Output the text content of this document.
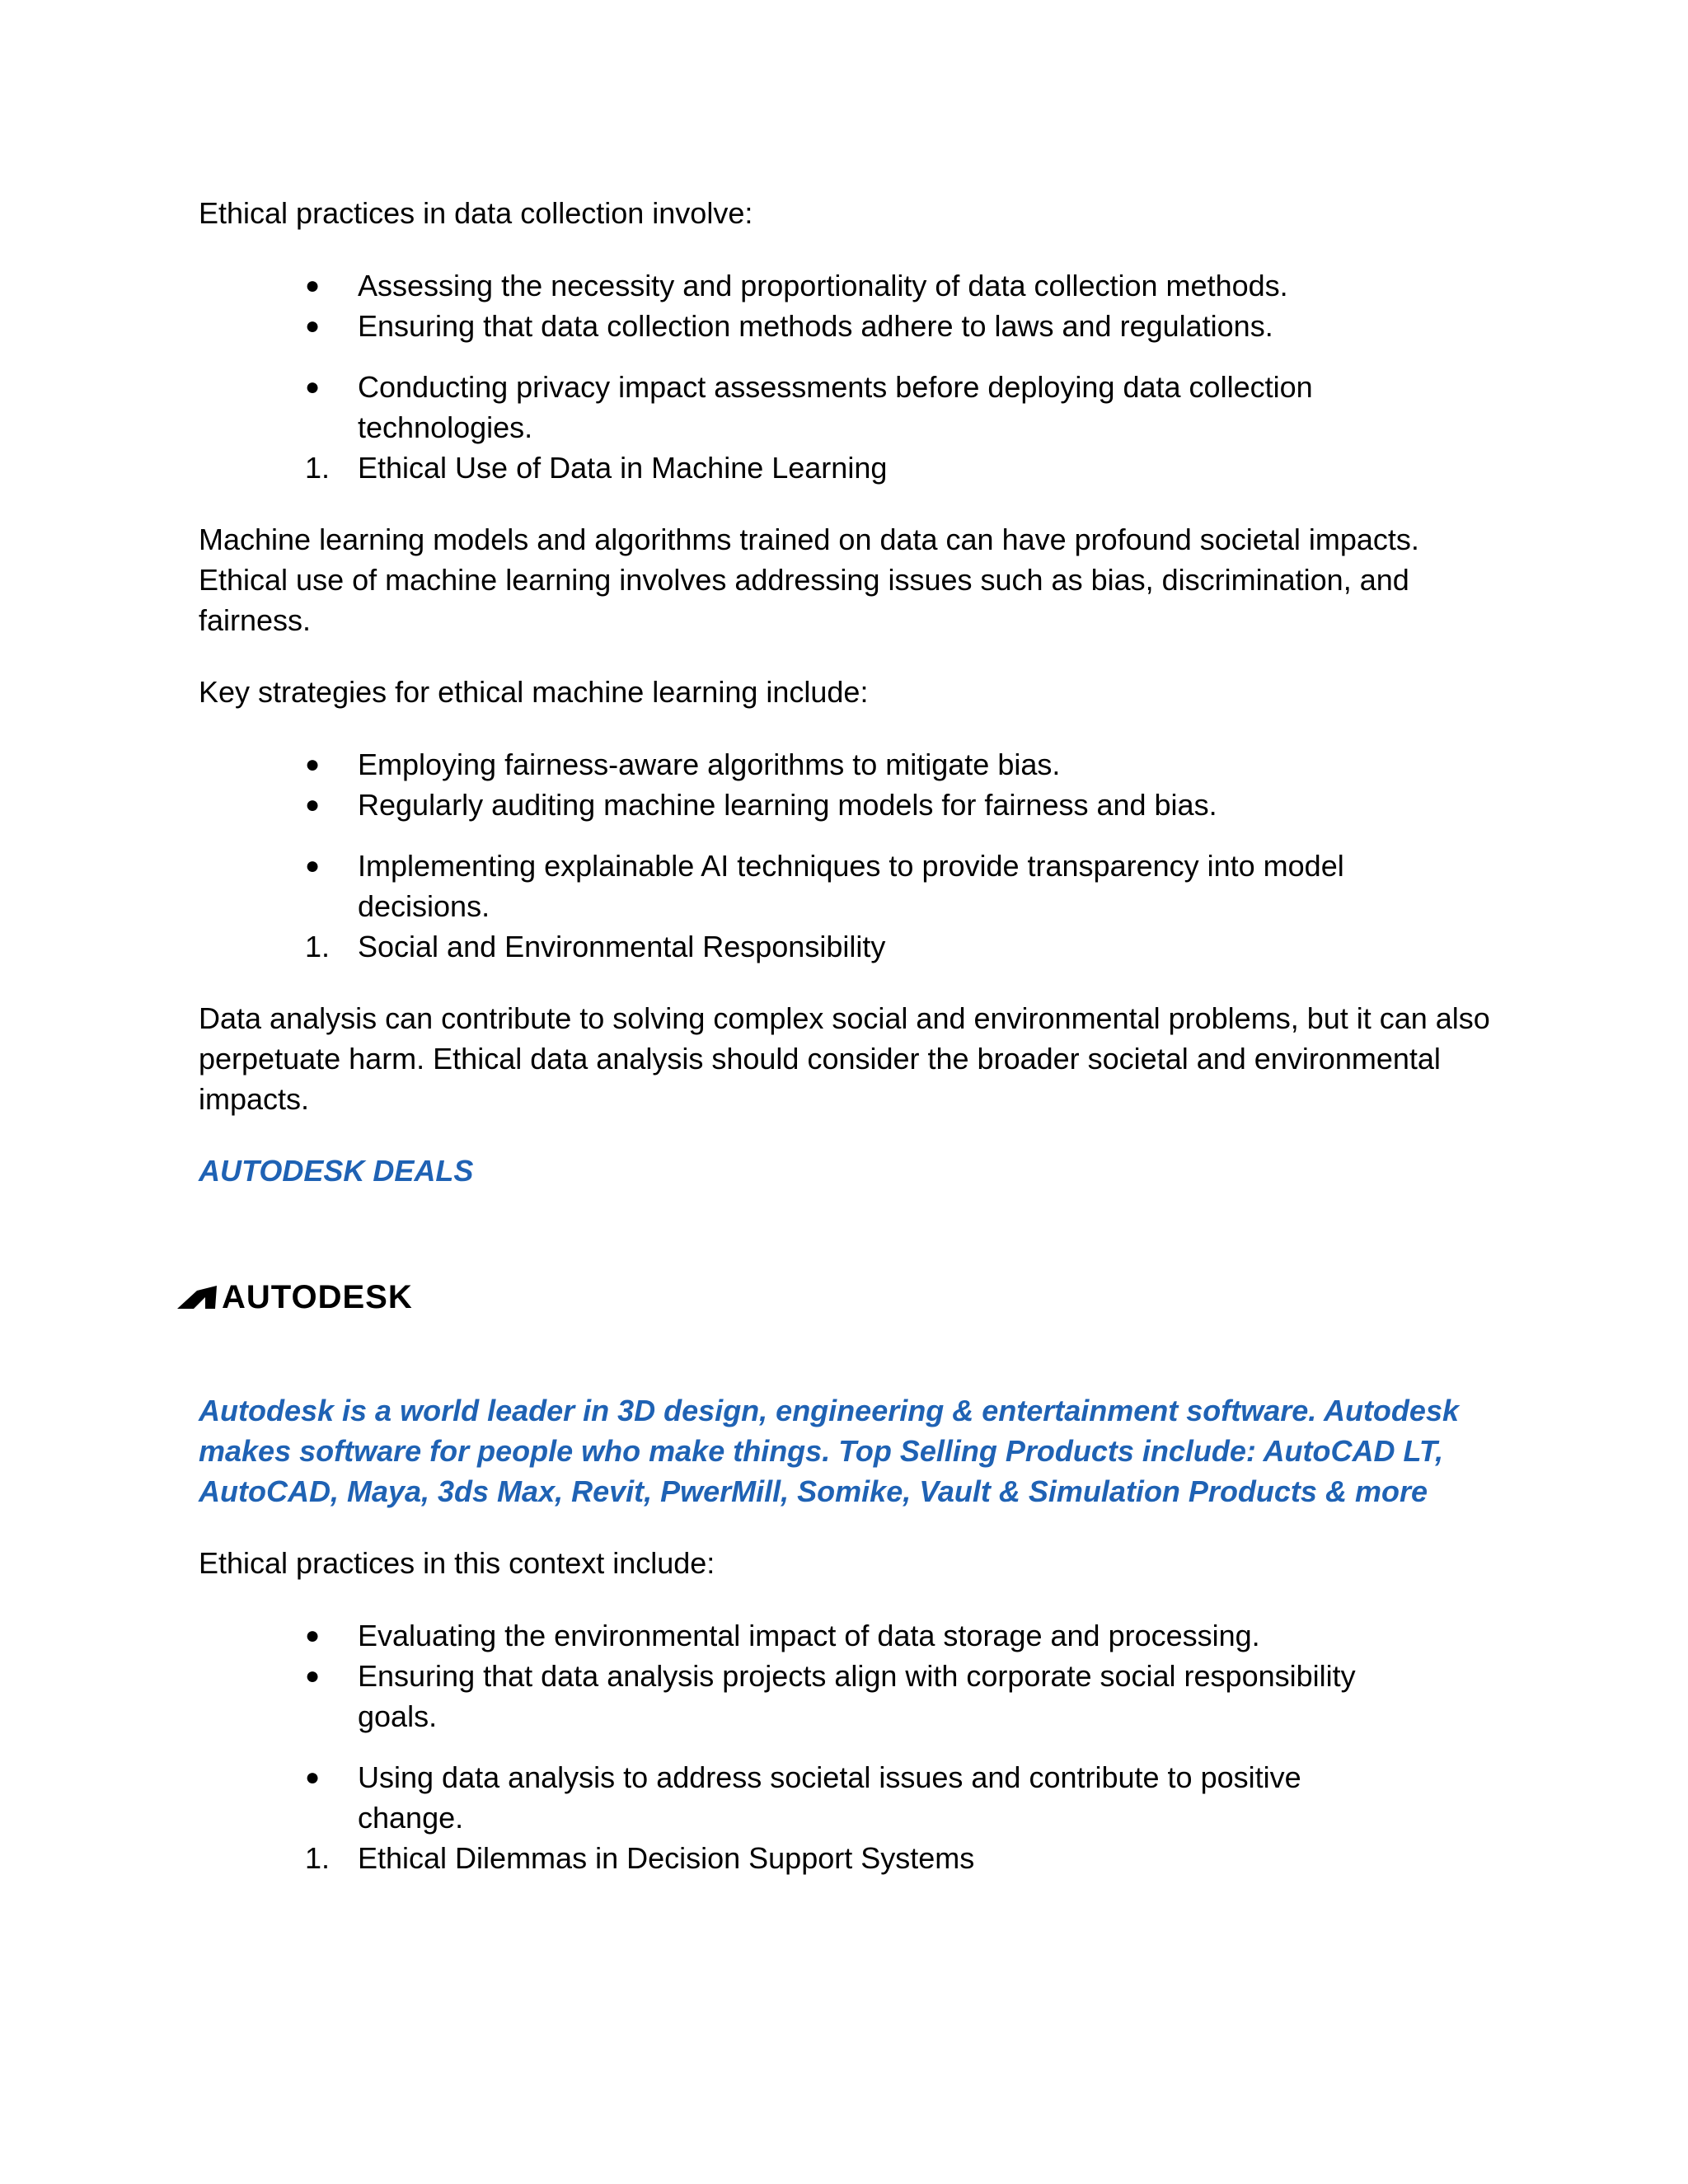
Ethical practices in data collection involve:

●	Assessing the necessity and proportionality of data collection methods.
●	Ensuring that data collection methods adhere to laws and regulations.
●	Conducting privacy impact assessments before deploying data collection technologies.
1. Ethical Use of Data in Machine Learning

Machine learning models and algorithms trained on data can have profound societal impacts. Ethical use of machine learning involves addressing issues such as bias, discrimination, and fairness.

Key strategies for ethical machine learning include:

●	Employing fairness-aware algorithms to mitigate bias.
●	Regularly auditing machine learning models for fairness and bias.
●	Implementing explainable AI techniques to provide transparency into model decisions.
1. Social and Environmental Responsibility

Data analysis can contribute to solving complex social and environmental problems, but it can also perpetuate harm. Ethical data analysis should consider the broader societal and environmental impacts.

AUTODESK DEALS

AUTODESK

Autodesk is a world leader in 3D design, engineering & entertainment software. Autodesk makes software for people who make things. Top Selling Products include: AutoCAD LT, AutoCAD, Maya, 3ds Max, Revit, PwerMill, Somike, Vault & Simulation Products & more

Ethical practices in this context include:

●	Evaluating the environmental impact of data storage and processing.
●	Ensuring that data analysis projects align with corporate social responsibility goals.
●	Using data analysis to address societal issues and contribute to positive change.
1. Ethical Dilemmas in Decision Support Systems
